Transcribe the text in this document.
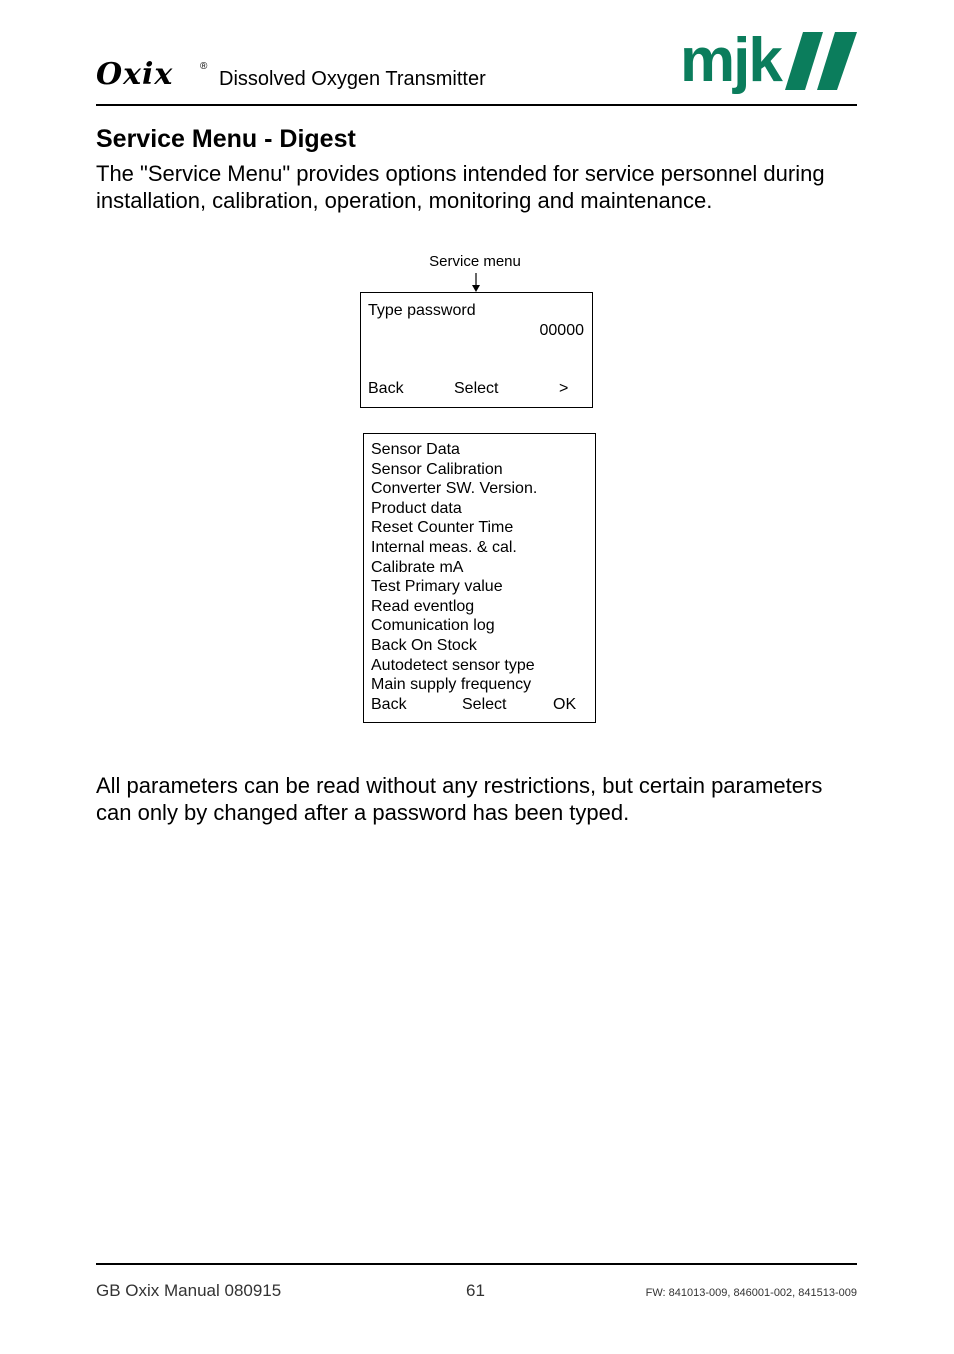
Oxix	®
Dissolved Oxygen Transmitter	mjk
Service Menu - Digest
The "Service Menu" provides options intended for service personnel during
installation, calibration, operation, monitoring and maintenance.
Service menu
Type password
00000
Back	Select	>
Sensor Data
Sensor Calibration
Converter SW. Version.
Product data
Reset Counter Time
Internal meas. & cal.
Calibrate mA
Test Primary value
Read eventlog
Comunication log
Back On Stock
Autodetect sensor type
Main supply frequency
Back	Select	OK
All parameters can be read without any restrictions, but certain parameters
can only by changed after a password has been typed.
GB Oxix Manual 080915	61	FW: 841013-009, 846001-002, 841513-009
